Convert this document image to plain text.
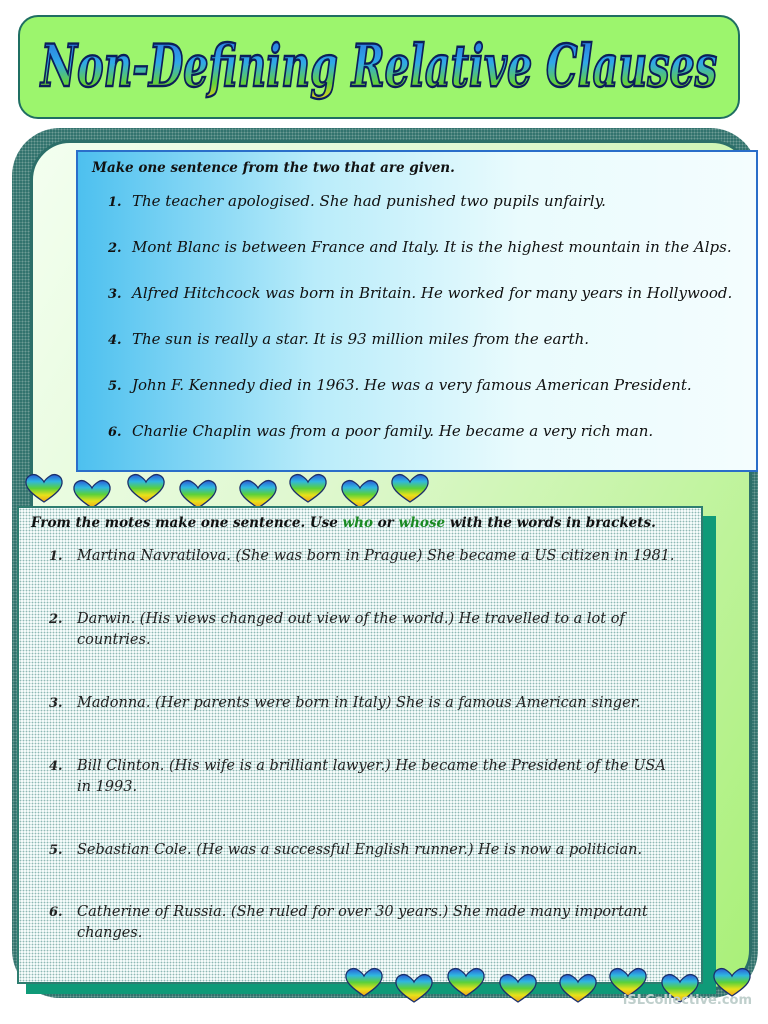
Non-Defining Relative Clauses
Make one sentence from the two that are given.
1. The teacher apologised. She had punished two pupils unfairly.
2. Mont Blanc is between France and Italy. It is the highest mountain in the Alps.
3. Alfred Hitchcock was born in Britain. He worked for many years in Hollywood.
4. The sun is really a star. It is 93 million miles from the earth.
5. John F. Kennedy died in 1963. He was a very famous American President.
6. Charlie Chaplin was from a poor family. He became a very rich man.
From the motes make one sentence. Use who or whose with the words in brackets.
1. Martina Navratilova. (She was born in Prague) She became a US citizen in 1981.
2. Darwin. (His views changed out view of the world.) He travelled to a lot of countries.
3. Madonna. (Her parents were born in Italy) She is a famous American singer.
4. Bill Clinton. (His wife is a brilliant lawyer.) He became the President of the USA in 1993.
5. Sebastian Cole. (He was a successful English runner.) He is now a politician.
6. Catherine of Russia. (She ruled for over 30 years.) She made many important changes.
iSLCollective.com
